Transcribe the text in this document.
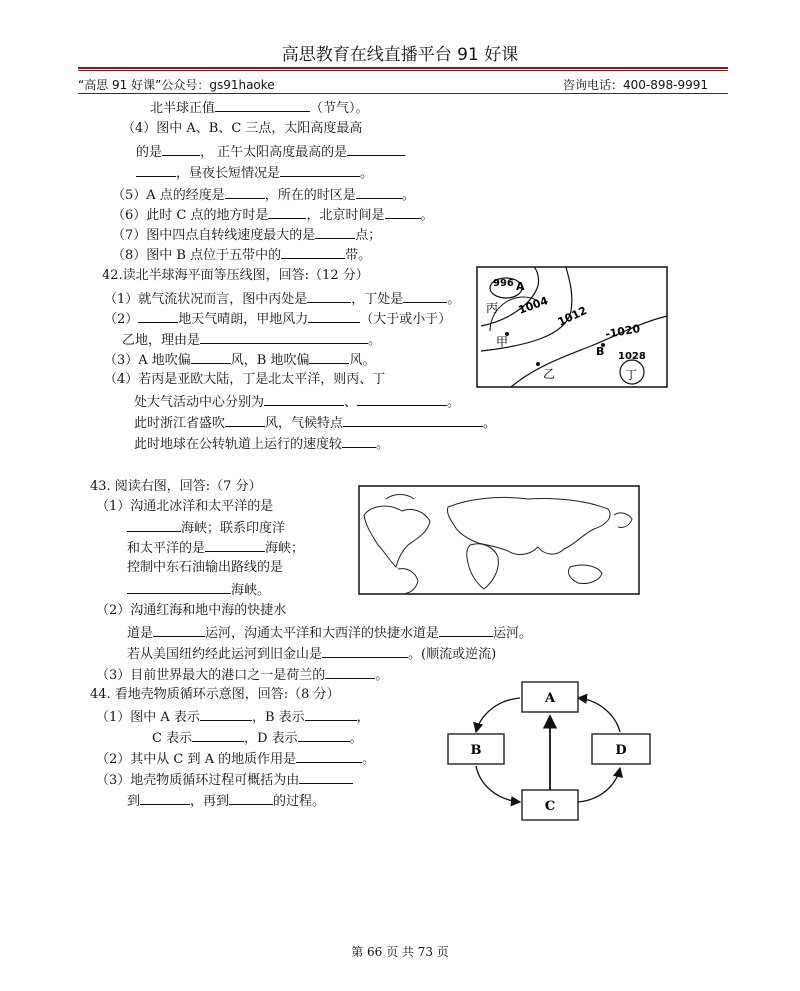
高思教育在线直播平台 91 好课
“高思 91 好课”公众号：gs91haoke	咨询电话：400-898-9991
北半球正值	（节气）。
（4）图中 A、B、C 三点，太阳高度最高
的是	， 正午太阳高度最高的是
，昼夜长短情况是	。
（5）A 点的经度是	，所在的时区是	。
（6）此时 C 点的地方时是	，北京时间是	。
（7）图中四点自转线速度最大的是	点；
（8）图中 B 点位于五带中的	带。
42.读北半球海平面等压线图，回答:（12 分）
（1）就气流状况而言，图中丙处是	，丁处是	。
（2）	地天气晴朗，甲地风力	（大于或小于）
乙地，理由是	。
（3）A 地吹偏	风，B 地吹偏	风。
（4）若丙是亚欧大陆，丁是北太平洋，则丙、丁
处大气活动中心分别为	、	。
此时浙江省盛吹	风，气候特点	。
此时地球在公转轨道上运行的速度较	。
996 A
丙 1004 1012
甲
B
-1020
1028
丁
乙
43. 阅读右图，回答:（7 分）
（1）沟通北冰洋和太平洋的是
海峡；联系印度洋
和太平洋的是	海峡；
控制中东石油输出路线的是
海峡。
（2）沟通红海和地中海的快捷水
道是	运河，沟通太平洋和大西洋的快捷水道是	运河。
若从美国纽约经此运河到旧金山是	。(顺流或逆流)
（3）目前世界最大的港口之一是荷兰的	。
44. 看地壳物质循环示意图，回答:（8 分）
（1）图中 A 表示	，B 表示	，
C 表示	，D 表示	。
（2）其中从 C 到 A 的地质作用是	。
（3）地壳物质循环过程可概括为由
到	，再到	的过程。
A
B
C
D
第 66 页 共 73 页
